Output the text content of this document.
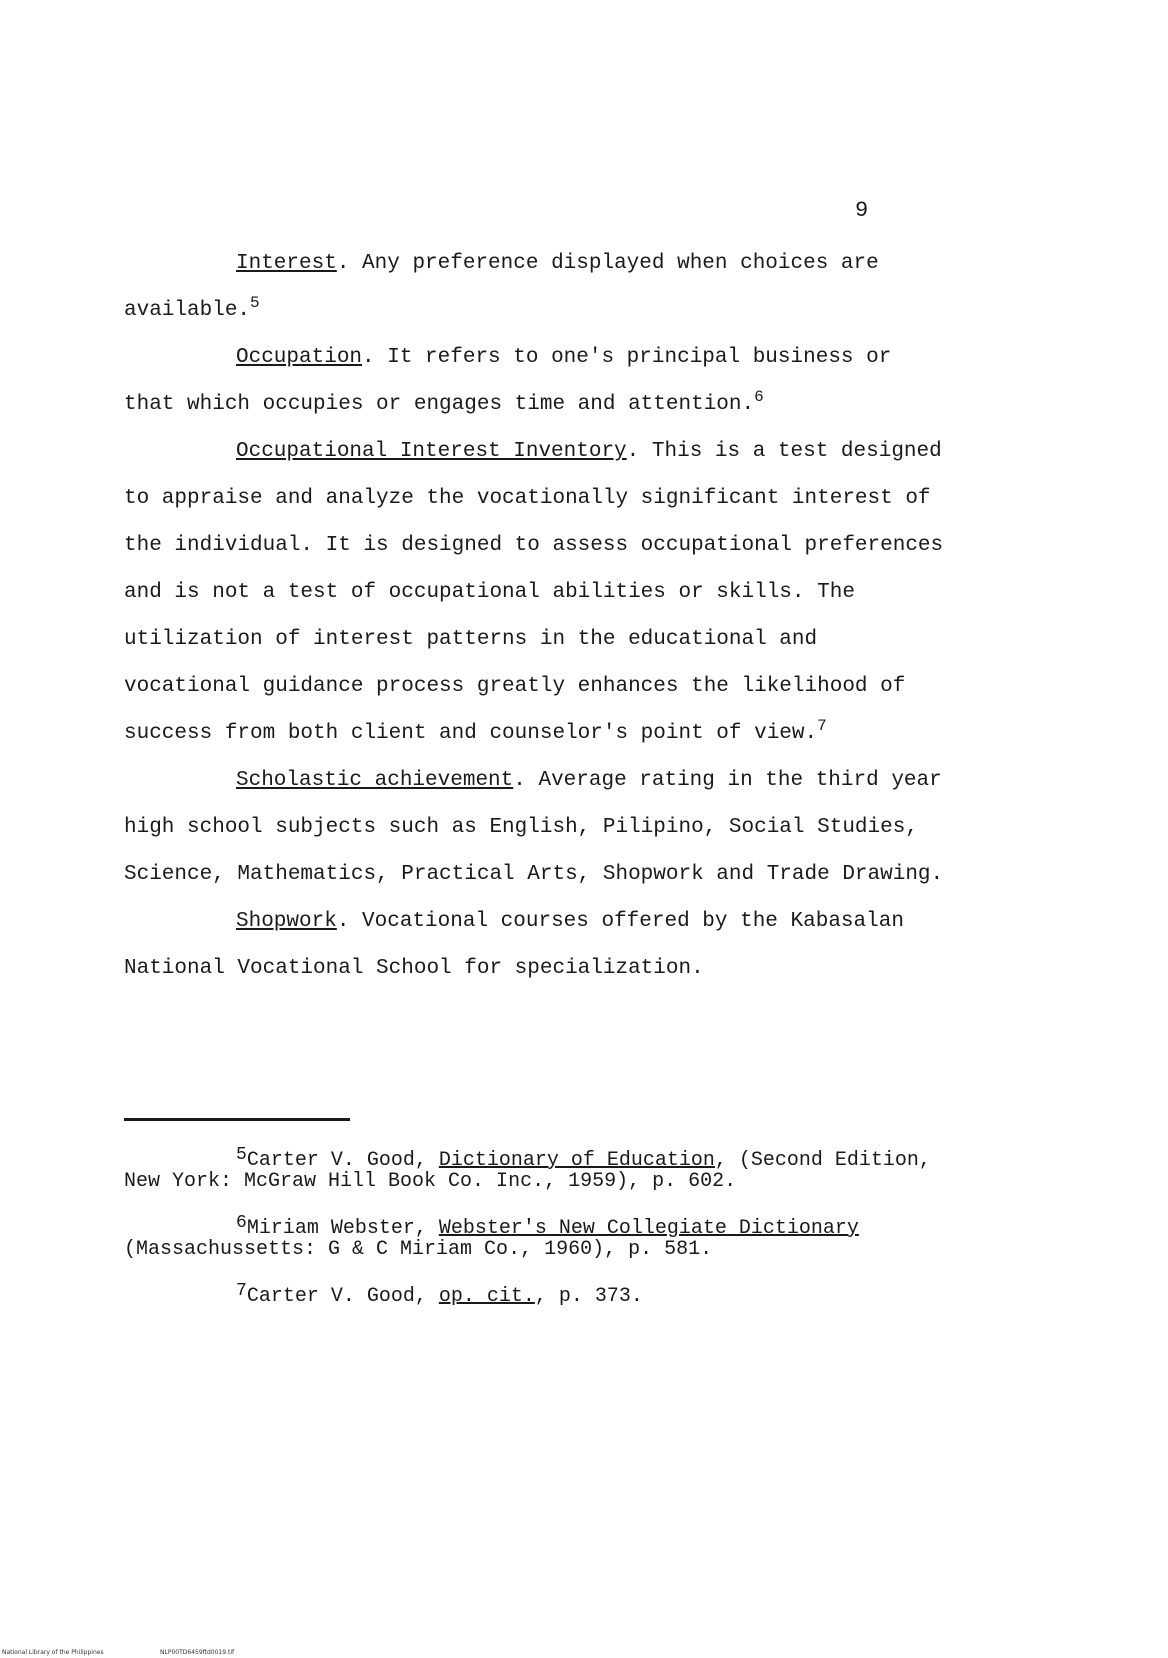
9

Interest. Any preference displayed when choices are available.$^5$

Occupation. It refers to one's principal business or that which occupies or engages time and attention.$^6$

Occupational Interest Inventory. This is a test designed to appraise and analyze the vocationally significant interest of the individual. It is designed to assess occupational preferences and is not a test of occupational abilities or skills. The utilization of interest patterns in the educational and vocational guidance process greatly enhances the likelihood of success from both client and counselor's point of view.$^7$

Scholastic achievement. Average rating in the third year high school subjects such as English, Pilipino, Social Studies, Science, Mathematics, Practical Arts, Shopwork and Trade Drawing.

Shopwork. Vocational courses offered by the Kabasalan National Vocational School for specialization.

$^5$Carter V. Good, Dictionary of Education, (Second Edition, New York: McGraw Hill Book Co. Inc., 1959), p. 602.

$^6$Miriam Webster, Webster's New Collegiate Dictionary (Massachussetts: G & C Miriam Co., 1960), p. 581.

$^7$Carter V. Good, op. cit., p. 373.

National Library of the Philippines	NLP00TD6459ftd0019.tif
